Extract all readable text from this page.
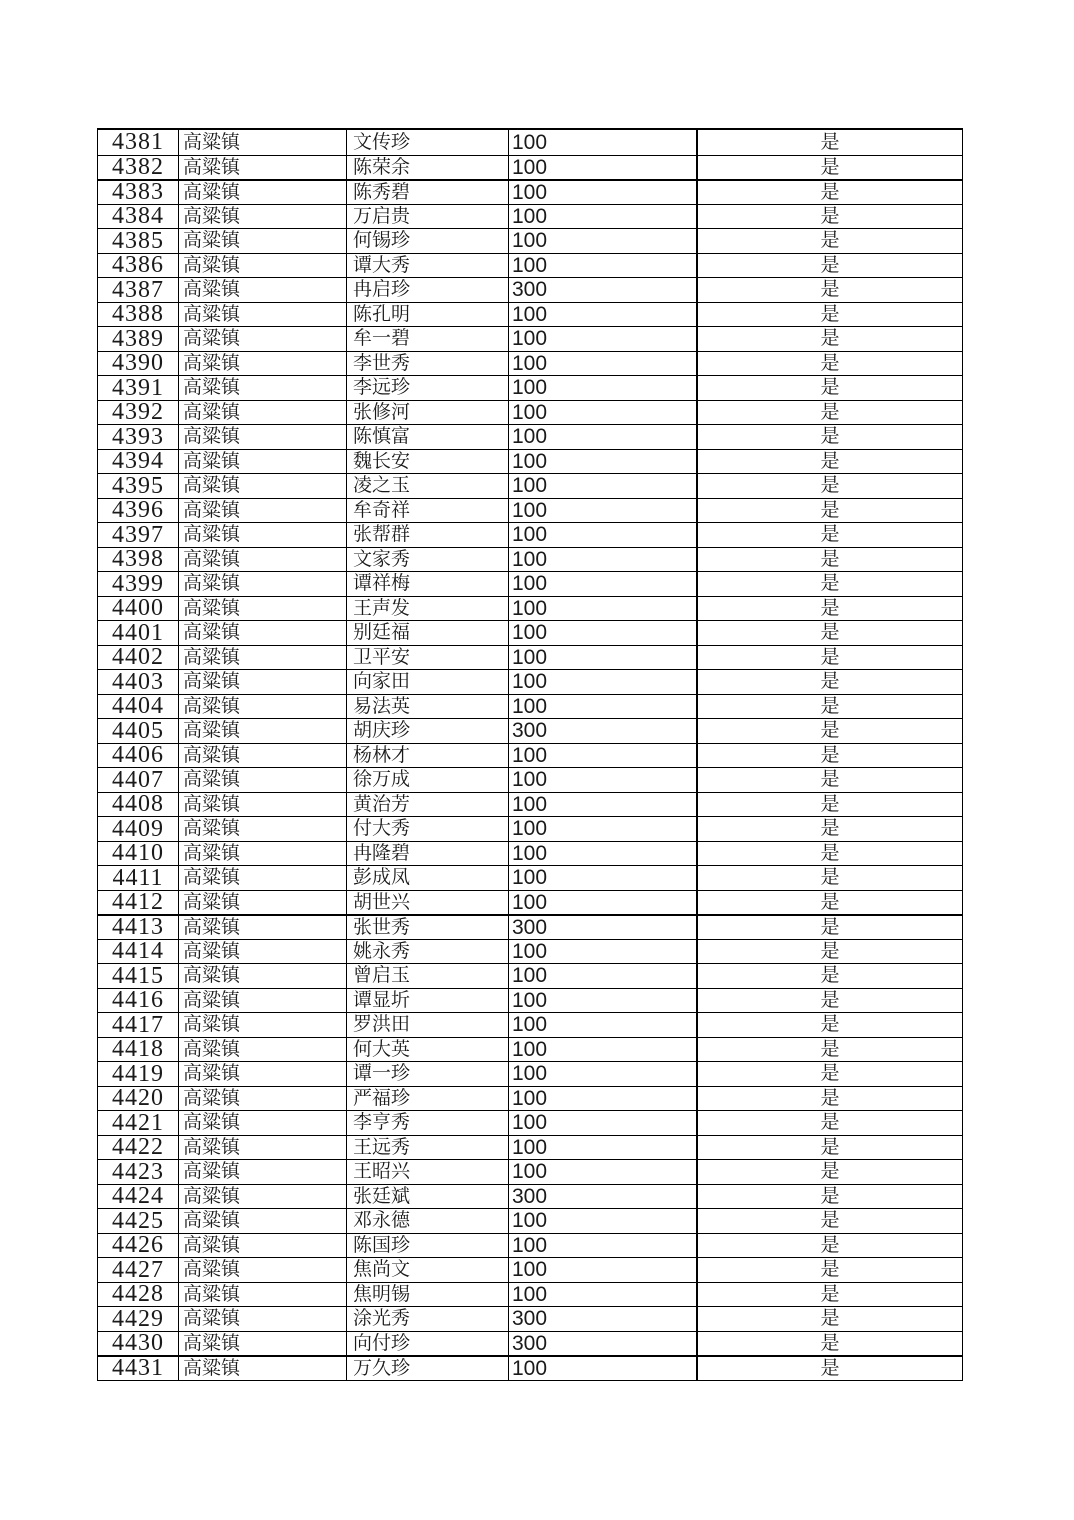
4381	高粱镇	文传珍	100	是
4382	高粱镇	陈荣余	100	是
4383	高粱镇	陈秀碧	100	是
4384	高粱镇	万启贵	100	是
4385	高粱镇	何锡珍	100	是
4386	高粱镇	谭大秀	100	是
4387	高粱镇	冉启珍	300	是
4388	高粱镇	陈孔明	100	是
4389	高粱镇	牟一碧	100	是
4390	高粱镇	李世秀	100	是
4391	高粱镇	李远珍	100	是
4392	高粱镇	张修河	100	是
4393	高粱镇	陈慎富	100	是
4394	高粱镇	魏长安	100	是
4395	高粱镇	凌之玉	100	是
4396	高粱镇	牟奇祥	100	是
4397	高粱镇	张帮群	100	是
4398	高粱镇	文家秀	100	是
4399	高粱镇	谭祥梅	100	是
4400	高粱镇	王声发	100	是
4401	高粱镇	别廷福	100	是
4402	高粱镇	卫平安	100	是
4403	高粱镇	向家田	100	是
4404	高粱镇	易法英	100	是
4405	高粱镇	胡庆珍	300	是
4406	高粱镇	杨林才	100	是
4407	高粱镇	徐万成	100	是
4408	高粱镇	黄治芳	100	是
4409	高粱镇	付大秀	100	是
4410	高粱镇	冉隆碧	100	是
4411	高粱镇	彭成凤	100	是
4412	高粱镇	胡世兴	100	是
4413	高粱镇	张世秀	300	是
4414	高粱镇	姚永秀	100	是
4415	高粱镇	曾启玉	100	是
4416	高粱镇	谭显圻	100	是
4417	高粱镇	罗洪田	100	是
4418	高粱镇	何大英	100	是
4419	高粱镇	谭一珍	100	是
4420	高粱镇	严福珍	100	是
4421	高粱镇	李亨秀	100	是
4422	高粱镇	王远秀	100	是
4423	高粱镇	王昭兴	100	是
4424	高粱镇	张廷斌	300	是
4425	高粱镇	邓永德	100	是
4426	高粱镇	陈国珍	100	是
4427	高粱镇	焦尚文	100	是
4428	高粱镇	焦明锡	100	是
4429	高粱镇	涂光秀	300	是
4430	高粱镇	向付珍	300	是
4431	高粱镇	万久珍	100	是
